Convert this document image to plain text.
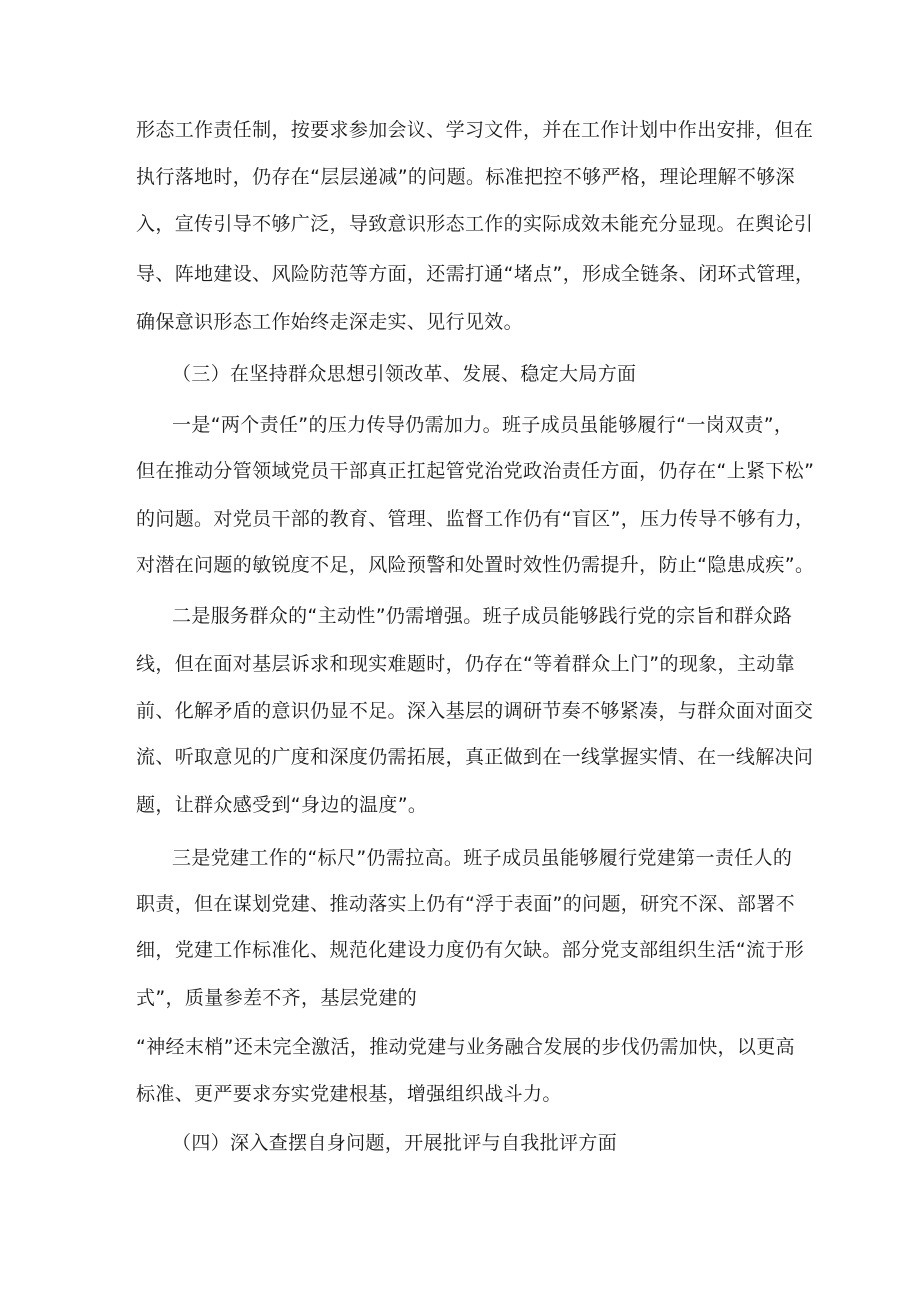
形态工作责任制，按要求参加会议、学习文件，并在工作计划中作出安排，但在
执行落地时，仍存在“层层递减”的问题。标准把控不够严格，理论理解不够深
入，宣传引导不够广泛，导致意识形态工作的实际成效未能充分显现。在舆论引
导、阵地建设、风险防范等方面，还需打通“堵点”，形成全链条、闭环式管理，
确保意识形态工作始终走深走实、见行见效。
（三）在坚持群众思想引领改革、发展、稳定大局方面
一是“两个责任”的压力传导仍需加力。班子成员虽能够履行“一岗双责”，
但在推动分管领域党员干部真正扛起管党治党政治责任方面，仍存在“上紧下松”
的问题。对党员干部的教育、管理、监督工作仍有“盲区”，压力传导不够有力，
对潜在问题的敏锐度不足，风险预警和处置时效性仍需提升，防止“隐患成疾”。
二是服务群众的“主动性”仍需增强。班子成员能够践行党的宗旨和群众路
线，但在面对基层诉求和现实难题时，仍存在“等着群众上门”的现象，主动靠
前、化解矛盾的意识仍显不足。深入基层的调研节奏不够紧凑，与群众面对面交
流、听取意见的广度和深度仍需拓展，真正做到在一线掌握实情、在一线解决问
题，让群众感受到“身边的温度”。
三是党建工作的“标尺”仍需拉高。班子成员虽能够履行党建第一责任人的
职责，但在谋划党建、推动落实上仍有“浮于表面”的问题，研究不深、部署不
细，党建工作标准化、规范化建设力度仍有欠缺。部分党支部组织生活“流于形
式”，质量参差不齐，基层党建的
“神经末梢”还未完全激活，推动党建与业务融合发展的步伐仍需加快，以更高
标准、更严要求夯实党建根基，增强组织战斗力。
（四）深入查摆自身问题，开展批评与自我批评方面
